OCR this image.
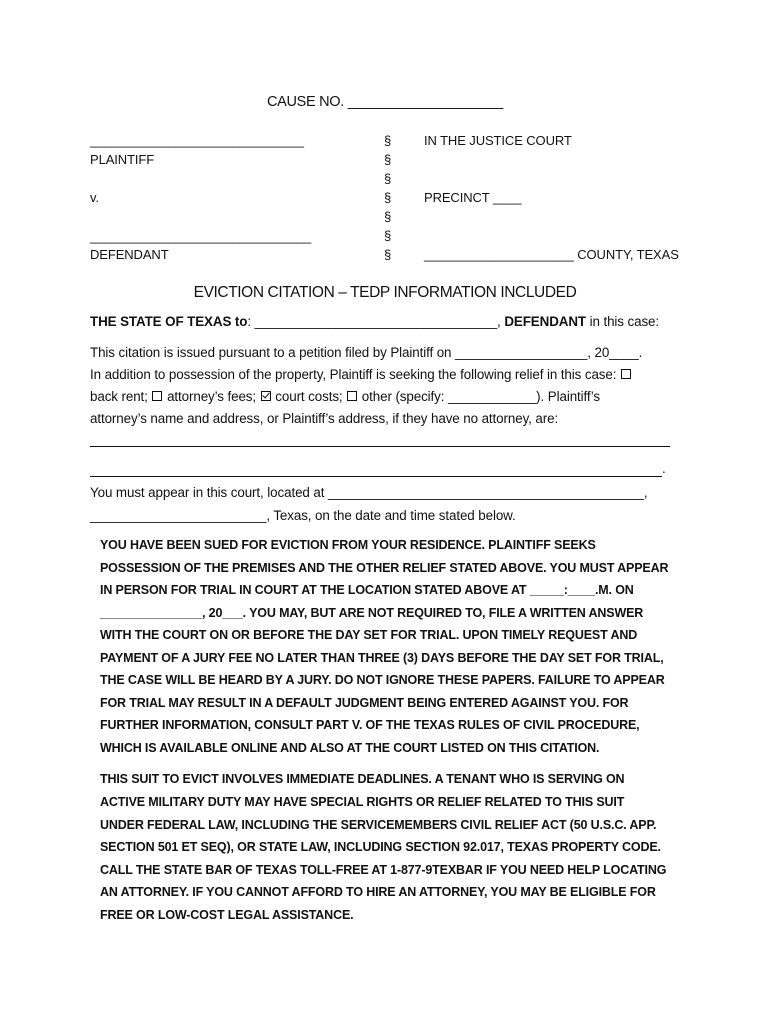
CAUSE NO. ____________________
______________________________
PLAINTIFF
v.
_______________________________
DEFENDANT
§
§
§
§
§
§
§
IN THE JUSTICE COURT
PRECINCT ____
_____________________ COUNTY, TEXAS
EVICTION CITATION – TEDP INFORMATION INCLUDED
THE STATE OF TEXAS to: _________________________________, DEFENDANT in this case:
This citation is issued pursuant to a petition filed by Plaintiff on __________________, 20____.
In addition to possession of the property, Plaintiff is seeking the following relief in this case:
back rent; attorney’s fees; court costs; other (specify: ____________). Plaintiff’s
attorney’s name and address, or Plaintiff’s address, if they have no attorney, are:
.
You must appear in this court, located at ___________________________________________,
________________________, Texas, on the date and time stated below.
YOU HAVE BEEN SUED FOR EVICTION FROM YOUR RESIDENCE. PLAINTIFF SEEKS
POSSESSION OF THE PREMISES AND THE OTHER RELIEF STATED ABOVE. YOU MUST APPEAR
IN PERSON FOR TRIAL IN COURT AT THE LOCATION STATED ABOVE AT _____:____.M. ON
_______________, 20___. YOU MAY, BUT ARE NOT REQUIRED TO, FILE A WRITTEN ANSWER
WITH THE COURT ON OR BEFORE THE DAY SET FOR TRIAL. UPON TIMELY REQUEST AND
PAYMENT OF A JURY FEE NO LATER THAN THREE (3) DAYS BEFORE THE DAY SET FOR TRIAL,
THE CASE WILL BE HEARD BY A JURY. DO NOT IGNORE THESE PAPERS. FAILURE TO APPEAR
FOR TRIAL MAY RESULT IN A DEFAULT JUDGMENT BEING ENTERED AGAINST YOU. FOR
FURTHER INFORMATION, CONSULT PART V. OF THE TEXAS RULES OF CIVIL PROCEDURE,
WHICH IS AVAILABLE ONLINE AND ALSO AT THE COURT LISTED ON THIS CITATION.
THIS SUIT TO EVICT INVOLVES IMMEDIATE DEADLINES. A TENANT WHO IS SERVING ON
ACTIVE MILITARY DUTY MAY HAVE SPECIAL RIGHTS OR RELIEF RELATED TO THIS SUIT
UNDER FEDERAL LAW, INCLUDING THE SERVICEMEMBERS CIVIL RELIEF ACT (50 U.S.C. APP.
SECTION 501 ET SEQ), OR STATE LAW, INCLUDING SECTION 92.017, TEXAS PROPERTY CODE.
CALL THE STATE BAR OF TEXAS TOLL-FREE AT 1-877-9TEXBAR IF YOU NEED HELP LOCATING
AN ATTORNEY. IF YOU CANNOT AFFORD TO HIRE AN ATTORNEY, YOU MAY BE ELIGIBLE FOR
FREE OR LOW-COST LEGAL ASSISTANCE.
